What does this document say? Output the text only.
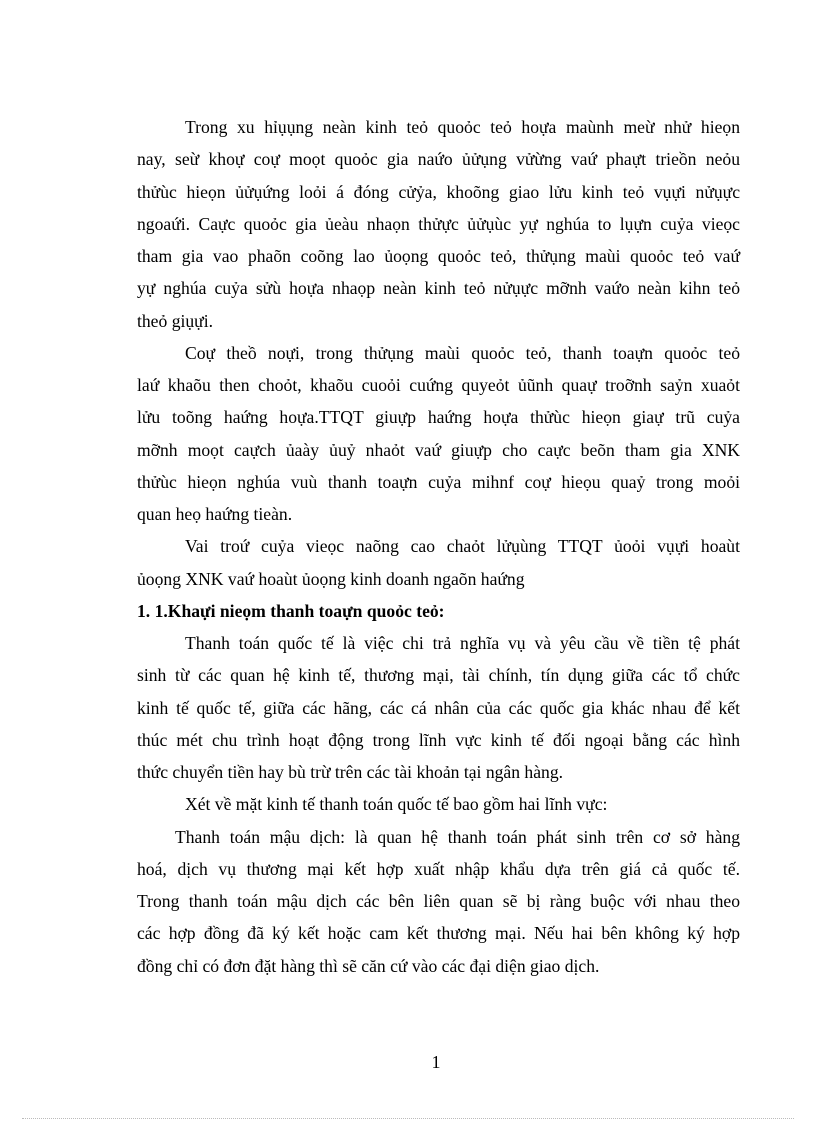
Trong xu hỉụụng neàn kinh teỏ quoỏc teỏ hoựa maùnh meừ nhử hieọn
nay, seừ khoự coự moọt quoỏc gia naứo ủửụng vửừng vaứ phaựt trieồn neỏu
thửùc hieọn ủửụứng loỏi á đóng cửỷa, khoõng giao lửu kinh teỏ vụựi nửụực
ngoaứi. Caực quoỏc gia ủeàu nhaọn thửực ủửụùc yự nghúa to lụựn cuỷa vieọc
tham gia vao phaõn coõng lao ủoọng quoỏc teỏ, thửụng maùi quoỏc teỏ vaứ
yự nghúa cuỷa sửù hoựa nhaọp neàn kinh teỏ nửụực mỡnh vaứo neàn kihn teỏ
theỏ giụựi.
Coự theồ noựi, trong thửụng maùi quoỏc teỏ, thanh toaựn quoỏc teỏ
laứ khaõu then choỏt, khaõu cuoỏi cuứng quyeỏt ủũnh quaự troỡnh saỷn xuaỏt
lửu toõng haứng hoựa.TTQT giuựp haứng hoựa thửùc hieọn giaự trũ cuỷa
mỡnh moọt caựch ủaày ủuỷ nhaỏt vaứ giuựp cho caực beõn tham gia XNK
thửùc hieọn nghúa vuù thanh toaựn cuỷa mihnf coự hieọu quaỷ trong moỏi
quan heọ haứng tieàn.
Vai troứ cuỷa vieọc naõng cao chaỏt lửụùng TTQT ủoỏi vụựi hoaùt
ủoọng XNK vaứ hoaùt ủoọng kinh doanh ngaõn haứng
1. 1.Khaựi nieọm thanh toaựn quoỏc teỏ:
Thanh toán quốc tế là việc chi trả nghĩa vụ và yêu cầu về tiền tệ phát
sinh từ các quan hệ kinh tế, thương mại, tài chính, tín dụng giữa các tổ chức
kinh tế quốc tế, giữa các hãng, các cá nhân của các quốc gia khác nhau để kết
thúc mét chu trình hoạt động trong lĩnh vực kinh tế đối ngoại bằng các hình
thức chuyển tiền hay bù trừ trên các tài khoản tại ngân hàng.
Xét về mặt kinh tế thanh toán quốc tế bao gồm hai lĩnh vực:
Thanh toán mậu dịch: là quan hệ thanh toán phát sinh trên cơ sở hàng
hoá, dịch vụ thương mại kết hợp xuất nhập khẩu dựa trên giá cả quốc tế.
Trong thanh toán mậu dịch các bên liên quan sẽ bị ràng buộc với nhau theo
các hợp đồng đã ký kết hoặc cam kết thương mại. Nếu hai bên không ký hợp
đồng chỉ có đơn đặt hàng thì sẽ căn cứ vào các đại diện giao dịch.
1
